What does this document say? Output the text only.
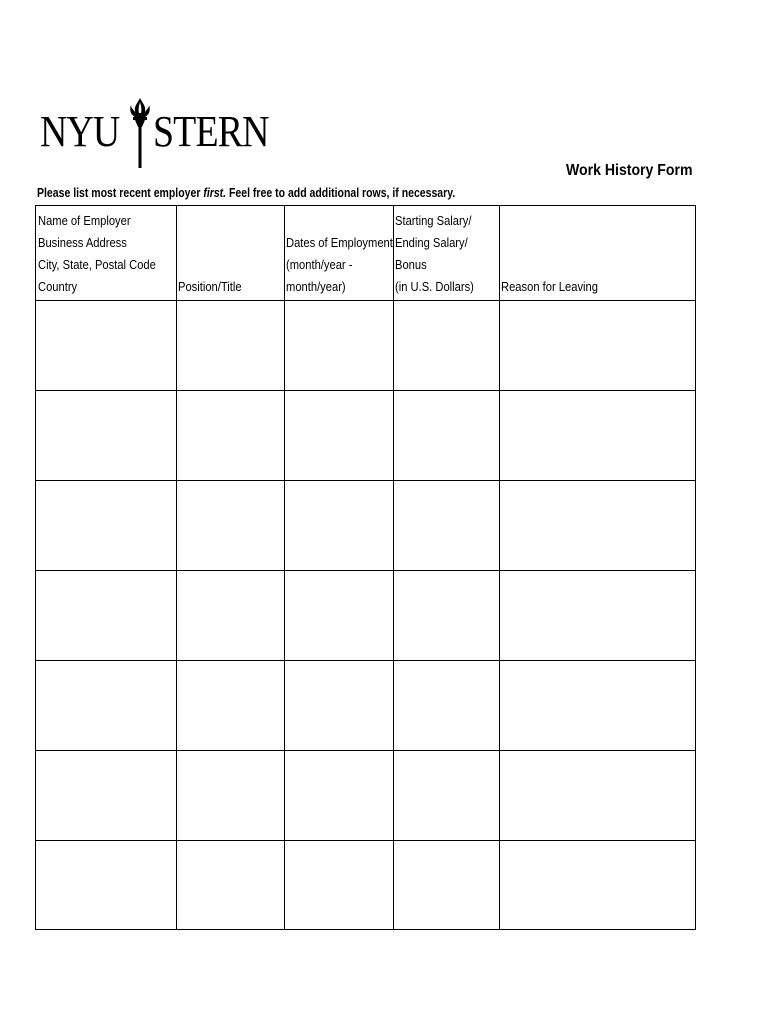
NYU STERN
Work History Form
Please list most recent employer first. Feel free to add additional rows, if necessary.
Name of Employer
Business Address
City, State, Postal Code
Country	Position/Title
Dates of Employment
(month/year -
month/year)
Starting Salary/
Ending Salary/
Bonus
(in U.S. Dollars) Reason for Leaving
